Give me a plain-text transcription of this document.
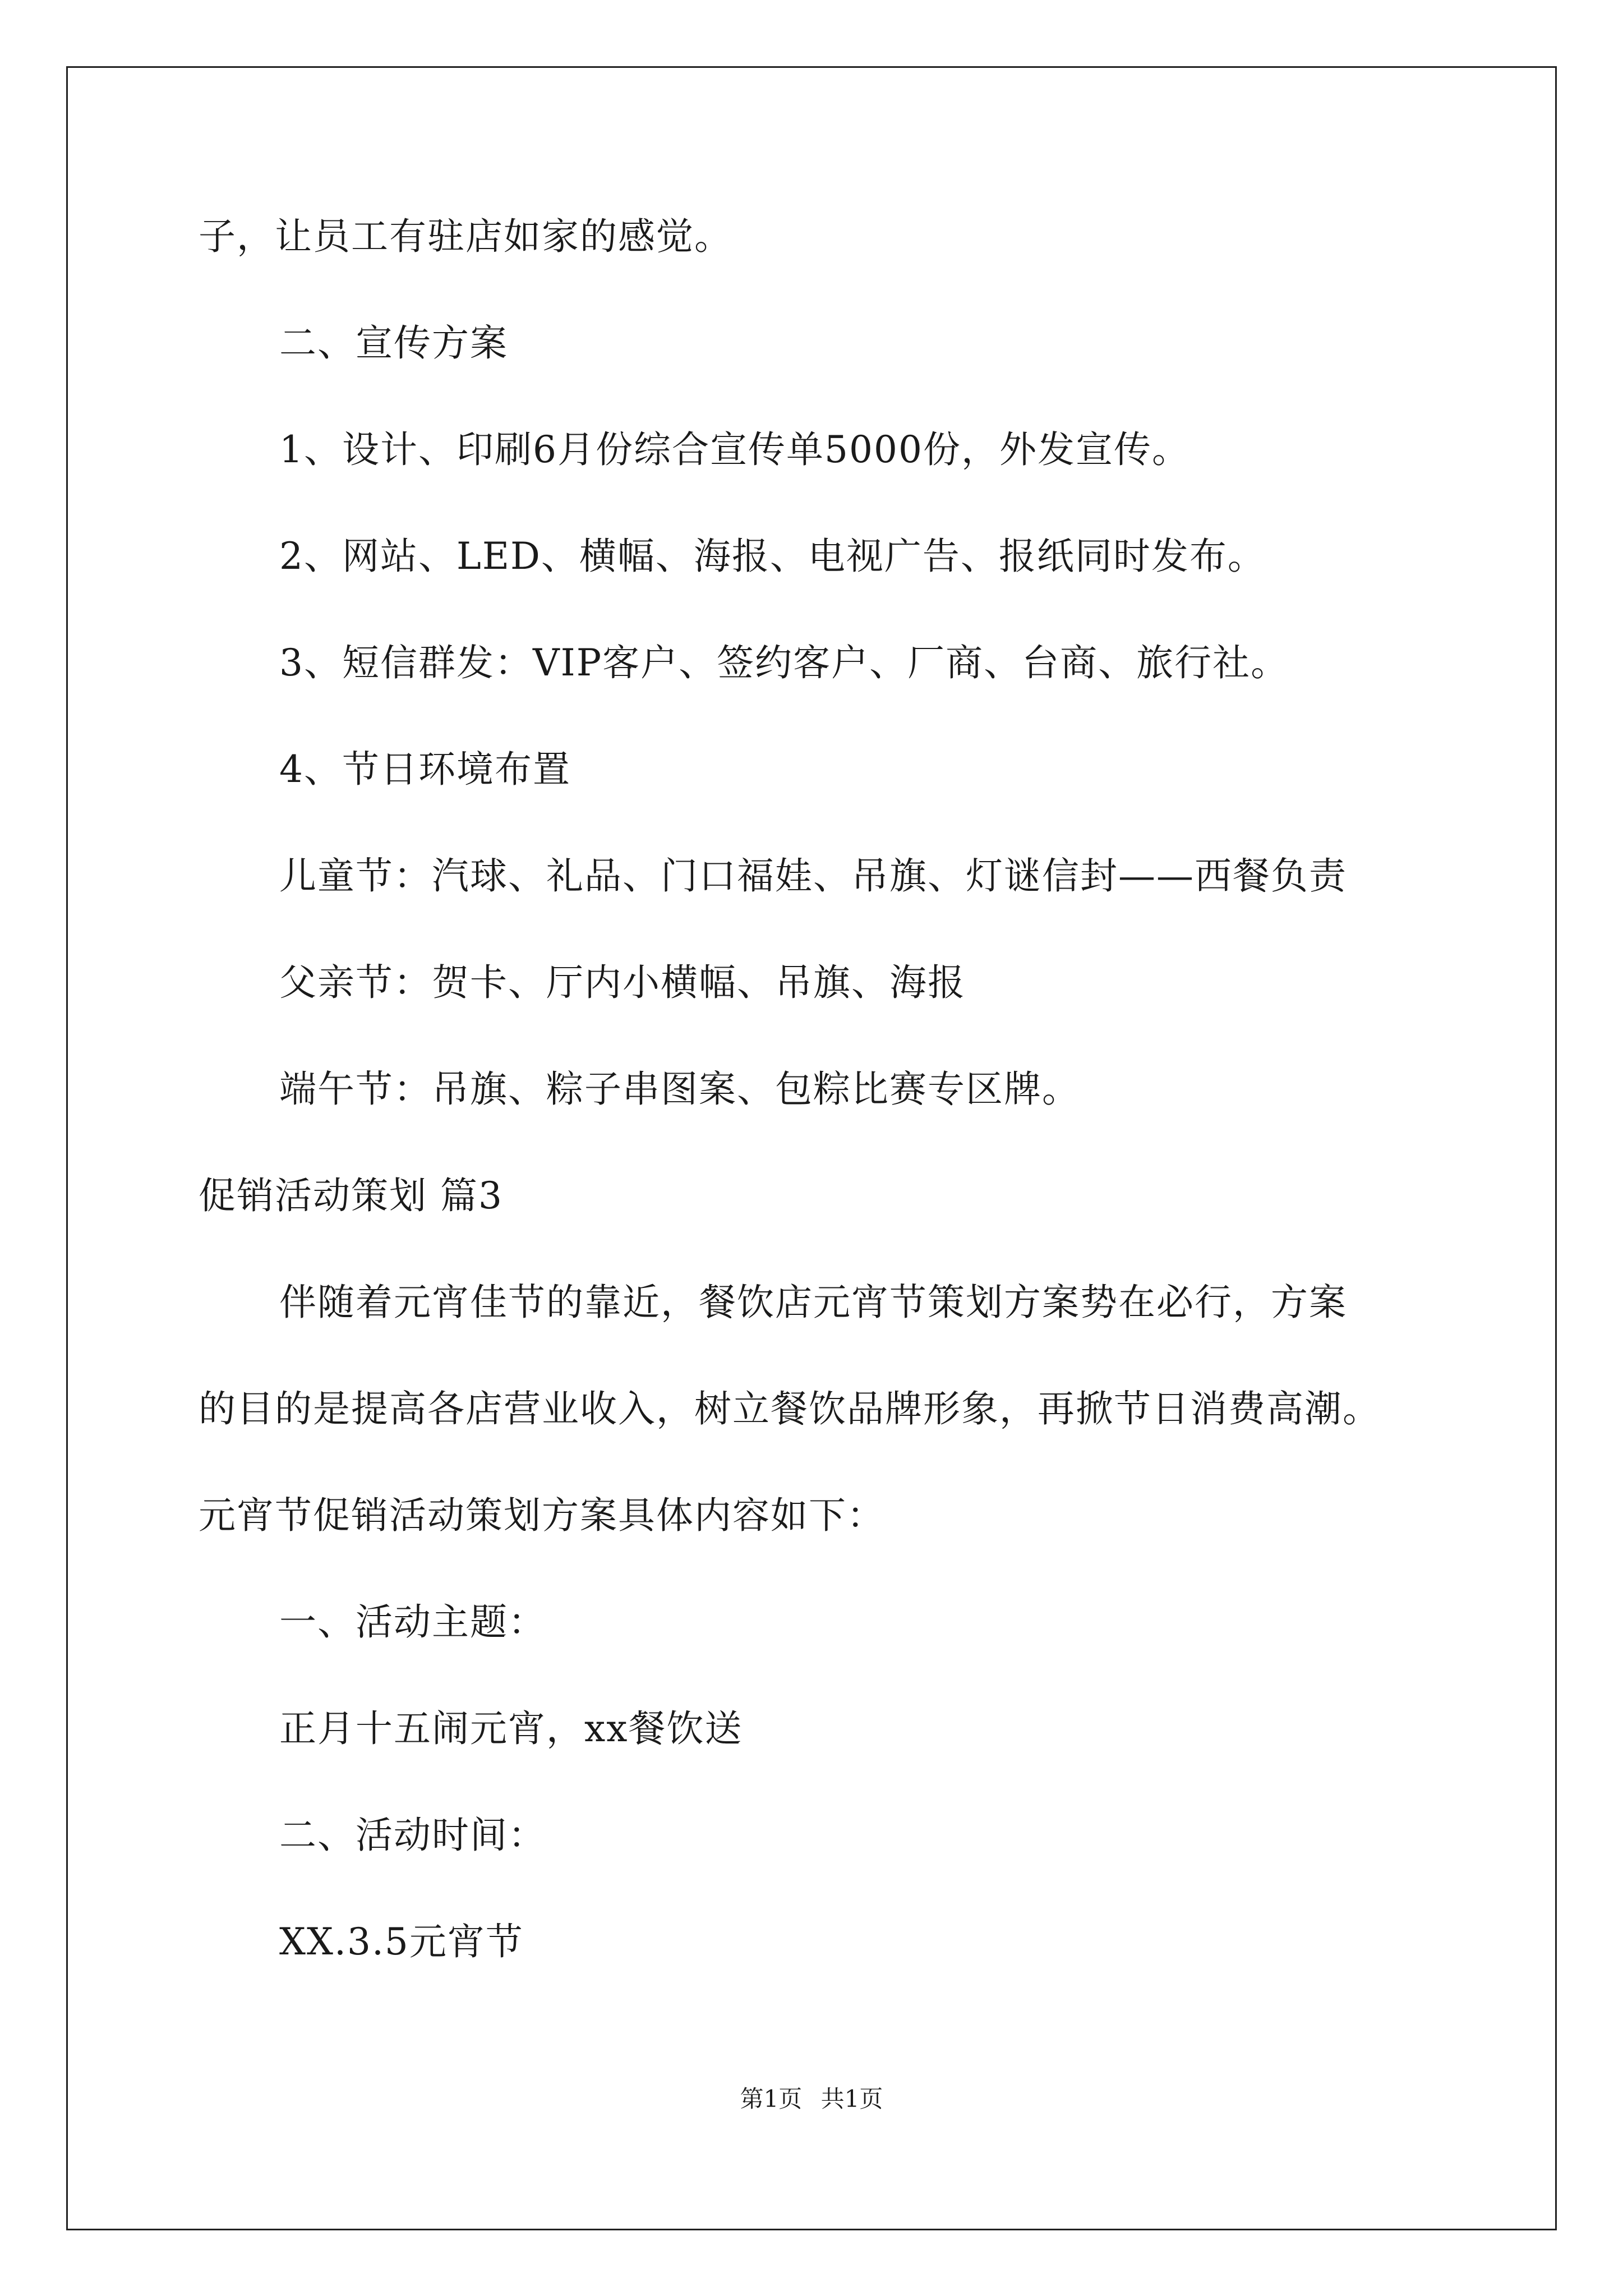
子，让员工有驻店如家的感觉。
二、宣传方案
1、设计、印刷6月份综合宣传单5000份，外发宣传。
2、网站、LED、横幅、海报、电视广告、报纸同时发布。
3、短信群发：VIP客户、签约客户、厂商、台商、旅行社。
4、节日环境布置
儿童节：汽球、礼品、门口福娃、吊旗、灯谜信封——西餐负责
父亲节：贺卡、厅内小横幅、吊旗、海报
端午节：吊旗、粽子串图案、包粽比赛专区牌。
促销活动策划 篇3
伴随着元宵佳节的靠近，餐饮店元宵节策划方案势在必行，方案
的目的是提高各店营业收入，树立餐饮品牌形象，再掀节日消费高潮。
元宵节促销活动策划方案具体内容如下：
一、活动主题：
正月十五闹元宵，xx餐饮送
二、活动时间：
XX.3.5元宵节
第1页 共1页
